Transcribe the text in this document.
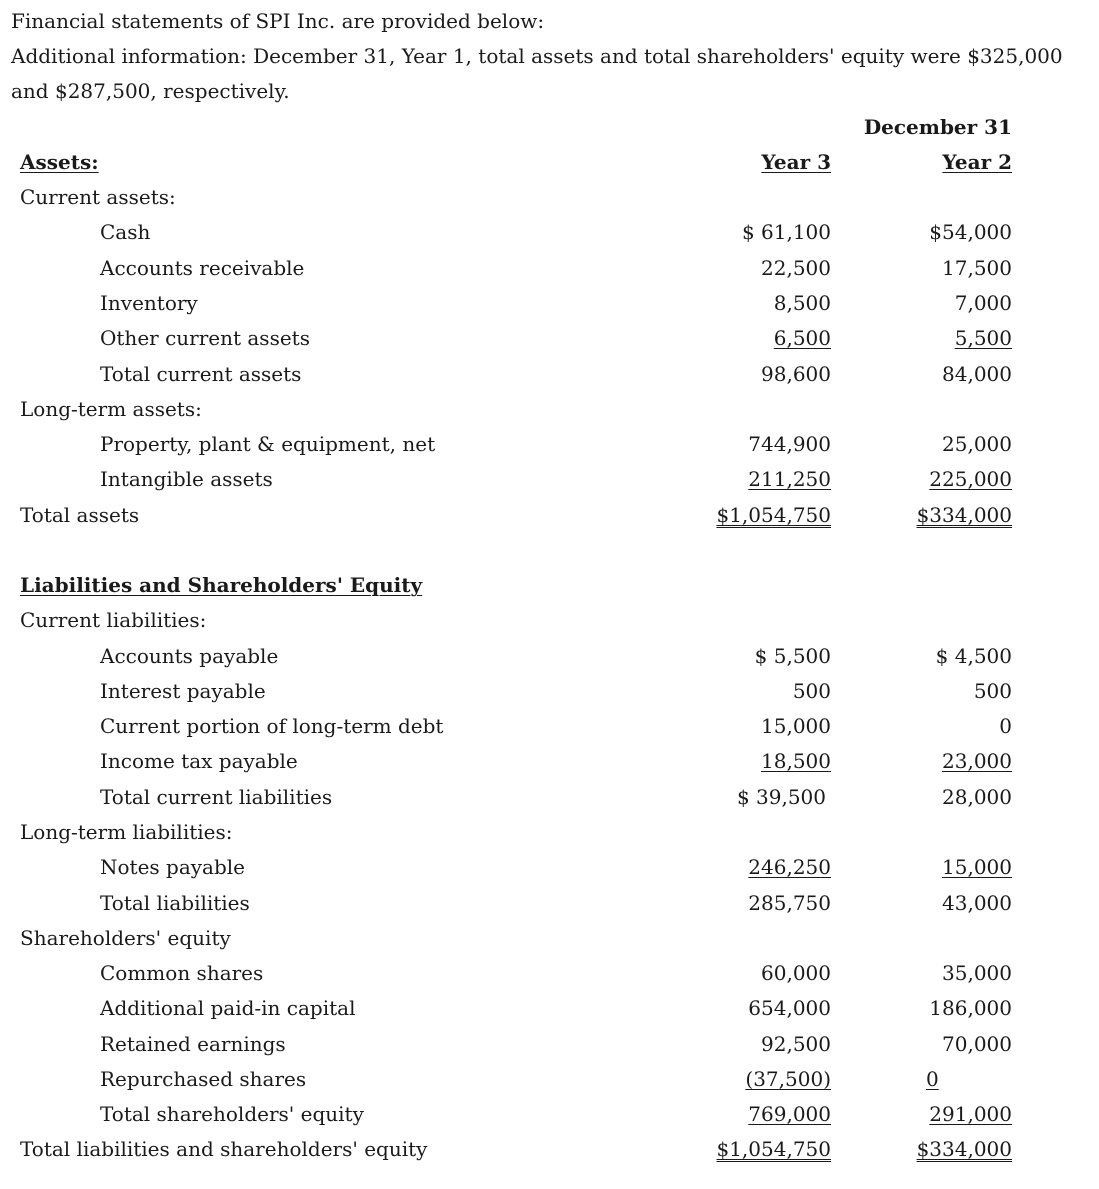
Financial statements of SPI Inc. are provided below:

Additional information: December 31, Year 1, total assets and total shareholders' equity were $325,000

and $287,500, respectively.

December 31
Assets:	Year 3	Year 2
Current assets:
Cash	$ 61,100	$54,000
Accounts receivable	22,500	17,500
Inventory	8,500	7,000
Other current assets	6,500	5,500
Total current assets	98,600	84,000
Long-term assets:
Property, plant & equipment, net	744,900	25,000
Intangible assets	211,250	225,000
Total assets	$1,054,750	$334,000
Liabilities and Shareholders' Equity
Current liabilities:
Accounts payable	$ 5,500	$ 4,500
Interest payable	500	500
Current portion of long-term debt	15,000	0
Income tax payable	18,500	23,000
Total current liabilities	$ 39,500	28,000
Long-term liabilities:
Notes payable	246,250	15,000
Total liabilities	285,750	43,000
Shareholders' equity
Common shares	60,000	35,000
Additional paid-in capital	654,000	186,000
Retained earnings	92,500	70,000
Repurchased shares	(37,500)	0
Total shareholders' equity	769,000	291,000
Total liabilities and shareholders' equity	$1,054,750	$334,000
